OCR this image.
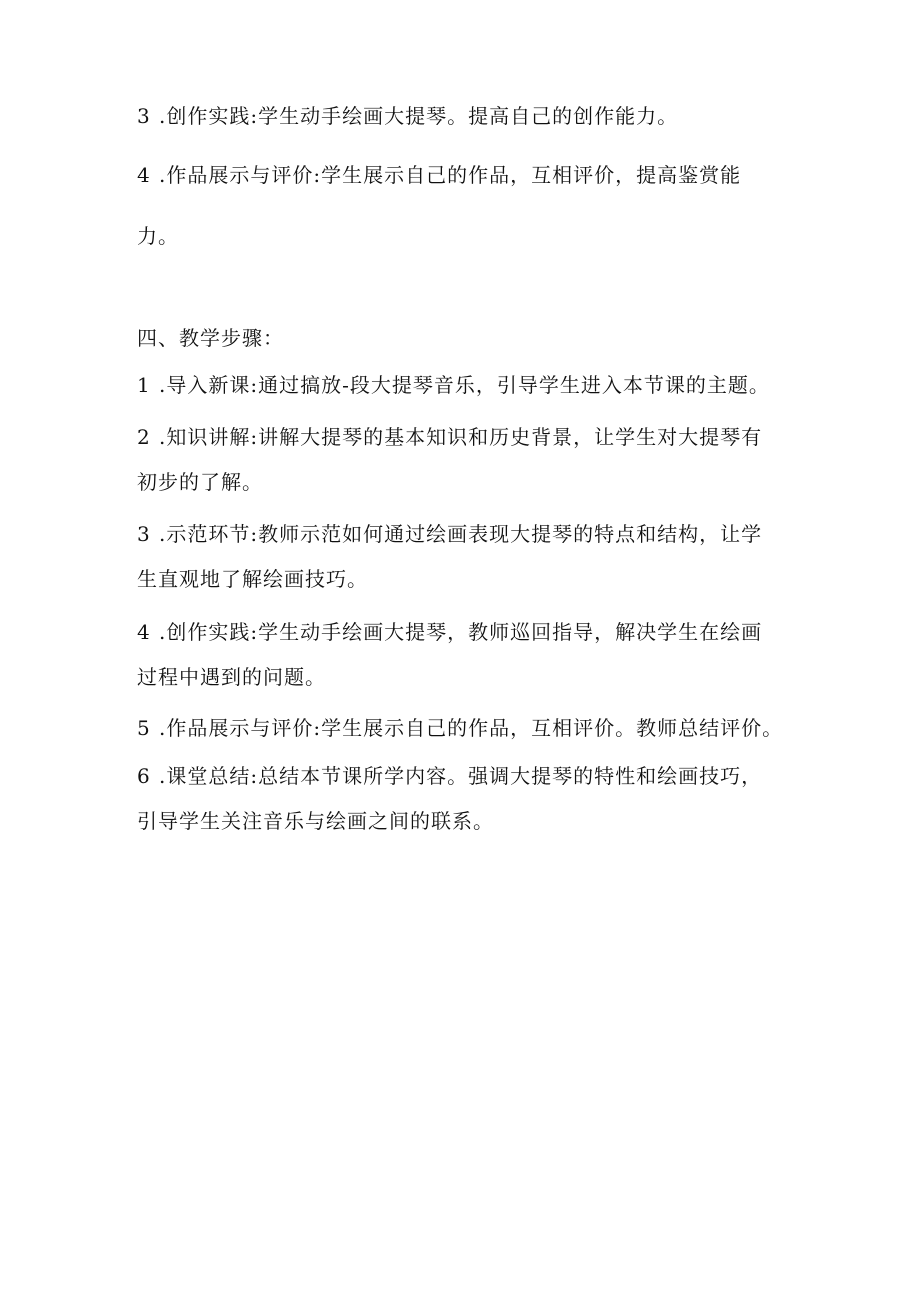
3 .创作实践:学生动手绘画大提琴。提高自己的创作能力。
4 .作品展示与评价:学生展示自己的作品，互相评价，提高鉴赏能
力。
四、教学步骤：
1 .导入新课:通过搞放-段大提琴音乐，引导学生进入本节课的主题。
2 .知识讲解:讲解大提琴的基本知识和历史背景，让学生对大提琴有
初步的了解。
3 .示范环节:教师示范如何通过绘画表现大提琴的特点和结构，让学
生直观地了解绘画技巧。
4 .创作实践:学生动手绘画大提琴，教师巡回指导，解决学生在绘画
过程中遇到的问题。
5 .作品展示与评价:学生展示自己的作品，互相评价。教师总结评价。
6 .课堂总结:总结本节课所学内容。强调大提琴的特性和绘画技巧，
引导学生关注音乐与绘画之间的联系。
